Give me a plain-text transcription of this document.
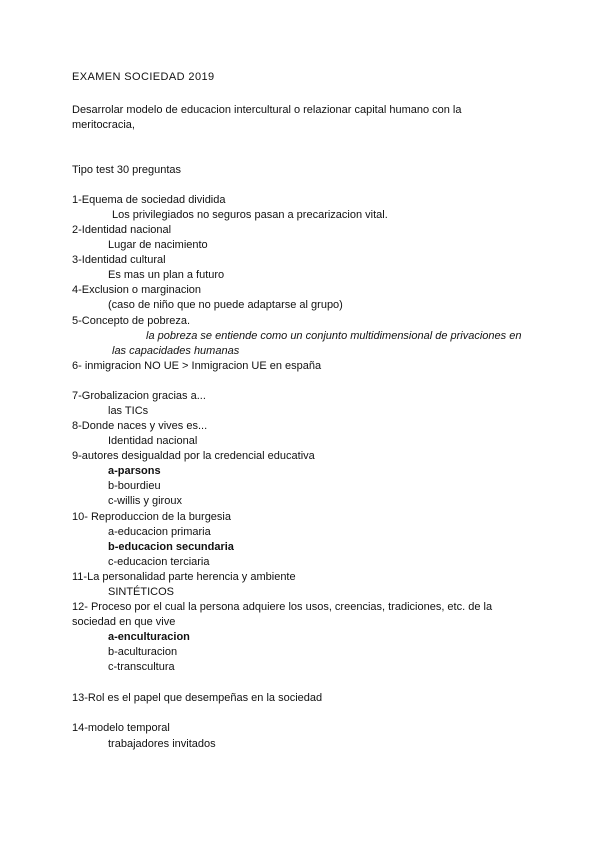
EXAMEN SOCIEDAD 2019
Desarrolar modelo de educacion intercultural o relazionar capital humano con la
meritocracia,
Tipo test 30 preguntas
1-Equema de sociedad dividida
Los privilegiados no seguros pasan a precarizacion vital.
2-Identidad nacional
Lugar de nacimiento
3-Identidad cultural
Es mas un plan a futuro
4-Exclusion o marginacion
(caso de niño que no puede adaptarse al grupo)
5-Concepto de pobreza.
la pobreza se entiende como un conjunto multidimensional de privaciones en
las capacidades humanas
6- inmigracion NO UE > Inmigracion UE en españa
7-Grobalizacion gracias a...
las TICs
8-Donde naces y vives es...
Identidad nacional
9-autores desigualdad por la credencial educativa
a-parsons
b-bourdieu
c-willis y giroux
10- Reproduccion de la burgesia
a-educacion primaria
b-educacion secundaria
c-educacion terciaria
11-La personalidad parte herencia y ambiente
SINTÉTICOS
12- Proceso por el cual la persona adquiere los usos, creencias, tradiciones, etc. de la
sociedad en que vive
a-enculturacion
b-aculturacion
c-transcultura
13-Rol es el papel que desempeñas en la sociedad
14-modelo temporal
trabajadores invitados
